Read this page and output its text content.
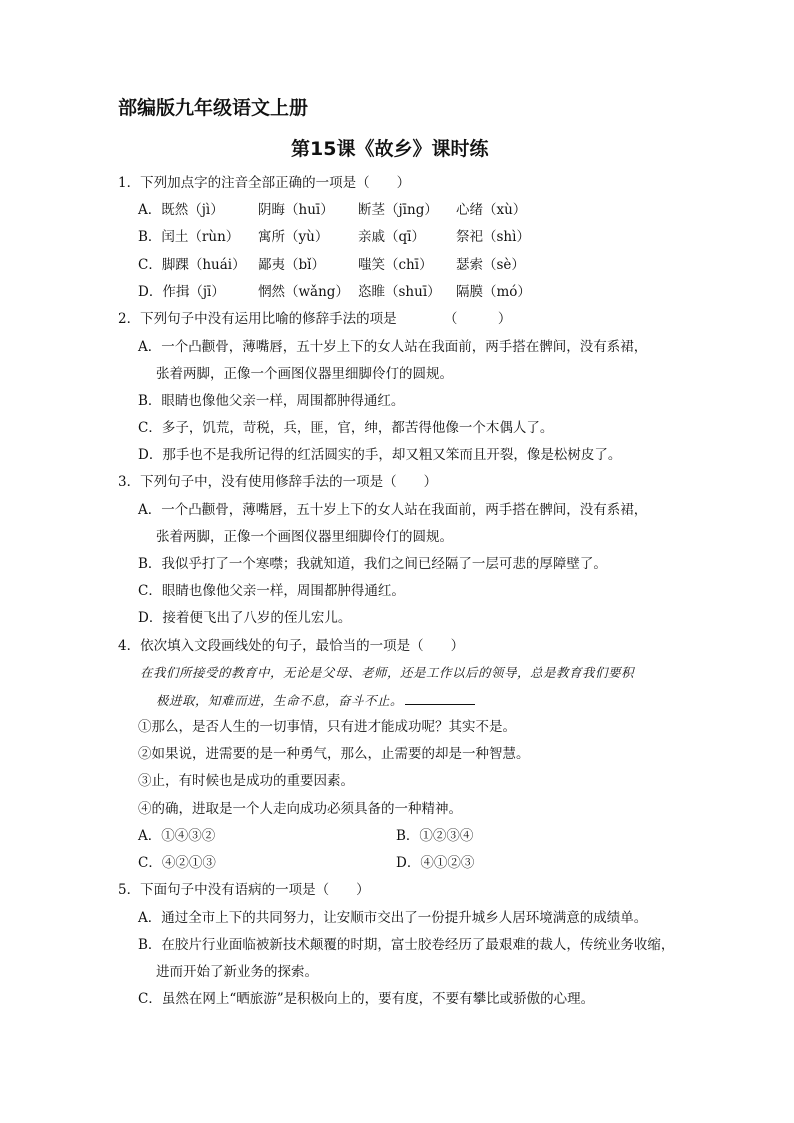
部编版九年级语文上册
第15课《故乡》课时练
1．下列加点字的注音全部正确的一项是（　　）
A．既然（jì）	阴晦（huī） 断茎（jīng） 心绪（xù）
B．闰土（rùn） 寓所（yù） 亲戚（qī） 祭祀（shì）
C．脚踝（huái） 鄙夷（bǐ） 嗤笑（chī） 瑟索（sè）
D．作揖（jī） 惘然（wǎng） 恣睢（shuī） 隔膜（mó）
2．下列句子中没有运用比喻的修辞手法的项是　　　　（　　　）
A．一个凸颧骨，薄嘴唇，五十岁上下的女人站在我面前，两手搭在髀间，没有系裙，
张着两脚，正像一个画图仪器里细脚伶仃的圆规。
B．眼睛也像他父亲一样，周围都肿得通红。
C．多子，饥荒，苛税，兵，匪，官，绅，都苦得他像一个木偶人了。
D．那手也不是我所记得的红活圆实的手，却又粗又笨而且开裂，像是松树皮了。
3．下列句子中，没有使用修辞手法的一项是（　　）
A．一个凸颧骨，薄嘴唇，五十岁上下的女人站在我面前，两手搭在髀间，没有系裙，
张着两脚，正像一个画图仪器里细脚伶仃的圆规。
B．我似乎打了一个寒噤；我就知道，我们之间已经隔了一层可悲的厚障壁了。
C．眼睛也像他父亲一样，周围都肿得通红。
D．接着便飞出了八岁的侄儿宏儿。
4．依次填入文段画线处的句子，最恰当的一项是（　　）
在我们所接受的教育中，无论是父母、老师，还是工作以后的领导，总是教育我们要积
极进取，知难而进，生命不息，奋斗不止。
①那么，是否人生的一切事情，只有进才能成功呢？其实不是。
②如果说，进需要的是一种勇气，那么，止需要的却是一种智慧。
③止，有时候也是成功的重要因素。
④的确，进取是一个人走向成功必须具备的一种精神。
A．①④③②	B．①②③④
C．④②①③	D．④①②③
5．下面句子中没有语病的一项是（　　）
A．通过全市上下的共同努力，让安顺市交出了一份提升城乡人居环境满意的成绩单。
B．在胶片行业面临被新技术颠覆的时期，富士胶卷经历了最艰难的裁人，传统业务收缩，
进而开始了新业务的探索。
C．虽然在网上“晒旅游”是积极向上的，要有度，不要有攀比或骄傲的心理。
